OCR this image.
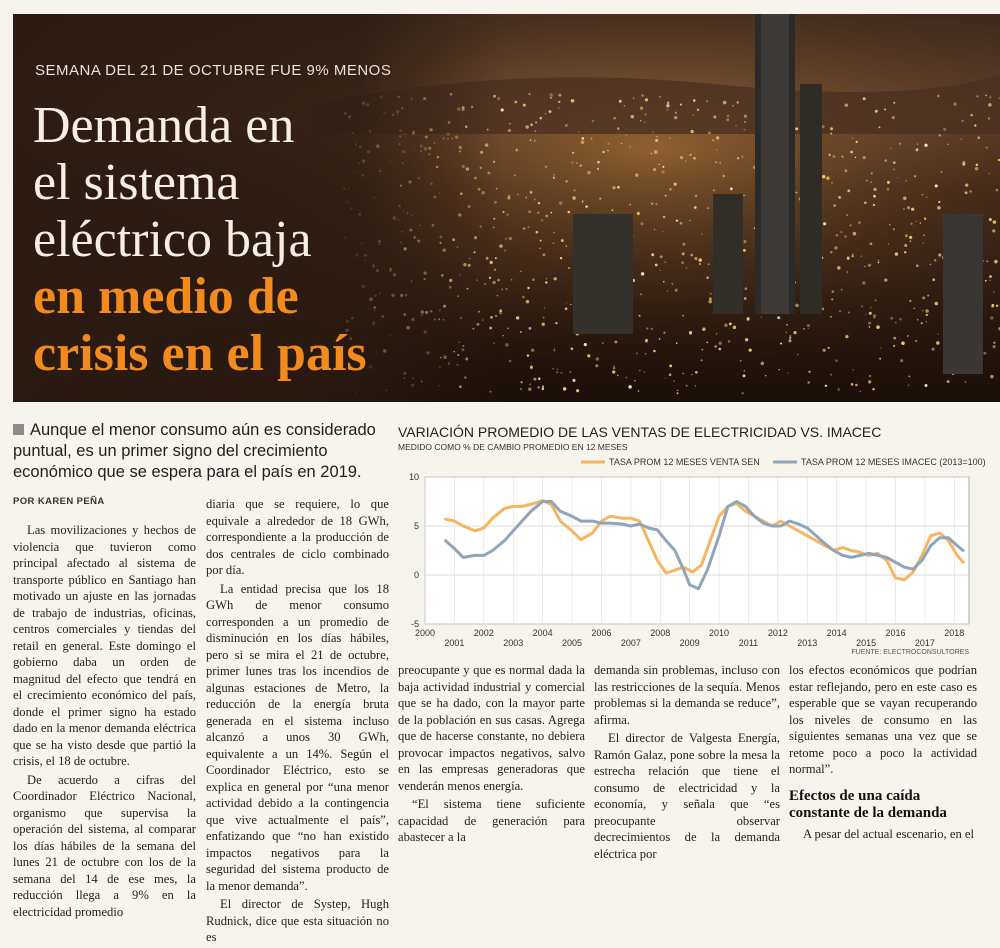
SEMANA DEL 21 DE OCTUBRE FUE 9% MENOS
Demanda en
el sistema
eléctrico baja
en medio de
crisis en el país
Aunque el menor consumo aún es considerado puntual, es un primer signo del crecimiento económico que se espera para el país en 2019.
POR KAREN PEÑA

Las movilizaciones y hechos de violencia que tuvieron como principal afectado al sistema de transporte público en Santiago han motivado un ajuste en las jornadas de trabajo de industrias, oficinas, centros comerciales y tiendas del retail en general. Este domingo el gobierno daba un orden de magnitud del efecto que tendrá en el crecimiento económico del país, donde el primer signo ha estado dado en la menor demanda eléctrica que se ha visto desde que partió la crisis, el 18 de octubre.

De acuerdo a cifras del Coordinador Eléctrico Nacional, organismo que supervisa la operación del sistema, al comparar los días hábiles de la semana del lunes 21 de octubre con los de la semana del 14 de ese mes, la reducción llega a 9% en la electricidad promedio

diaria que se requiere, lo que equivale a alrededor de 18 GWh, correspondiente a la producción de dos centrales de ciclo combinado por día.

La entidad precisa que los 18 GWh de menor consumo corresponden a un promedio de disminución en los días hábiles, pero si se mira el 21 de octubre, primer lunes tras los incendios de algunas estaciones de Metro, la reducción de la energía bruta generada en el sistema incluso alcanzó a unos 30 GWh, equivalente a un 14%. Según el Coordinador Eléctrico, esto se explica en general por “una menor actividad debido a la contingencia que vive actualmente el país”, enfatizando que “no han existido impactos negativos para la seguridad del sistema producto de la menor demanda”.

El director de Systep, Hugh Rudnick, dice que esta situación no es

preocupante y que es normal dada la baja actividad industrial y comercial que se ha dado, con la mayor parte de la población en sus casas. Agrega que de hacerse constante, no debiera provocar impactos negativos, salvo en las empresas generadoras que venderán menos energía.

“El sistema tiene suficiente capacidad de generación para abastecer a la

demanda sin problemas, incluso con las restricciones de la sequía. Menos problemas si la demanda se reduce”, afirma.

El director de Valgesta Energía, Ramón Galaz, pone sobre la mesa la estrecha relación que tiene el consumo de electricidad y la economía, y señala que “es preocupante observar decrecimientos de la demanda eléctrica por

los efectos económicos que podrían estar reflejando, pero en este caso es esperable que se vayan recuperando los niveles de consumo en las siguientes semanas una vez que se retome poco a poco la actividad normal”.

Efectos de una caída constante de la demanda

A pesar del actual escenario, en el

VARIACIÓN PROMEDIO DE LAS VENTAS DE ELECTRICIDAD VS. IMACEC
MEDIDO COMO % DE CAMBIO PROMEDIO EN 12 MESES
TASA PROM 12 MESES VENTA SEN	TASA PROM 12 MESES IMACEC (2013=100)
-5
0
5
10
2000	2002	2004	2006	2008	2010	2012	2014	2016	2018
2001	2003	2005	2007	2009	2011	2013	2015	2017
FUENTE: ELECTROCONSULTORES
